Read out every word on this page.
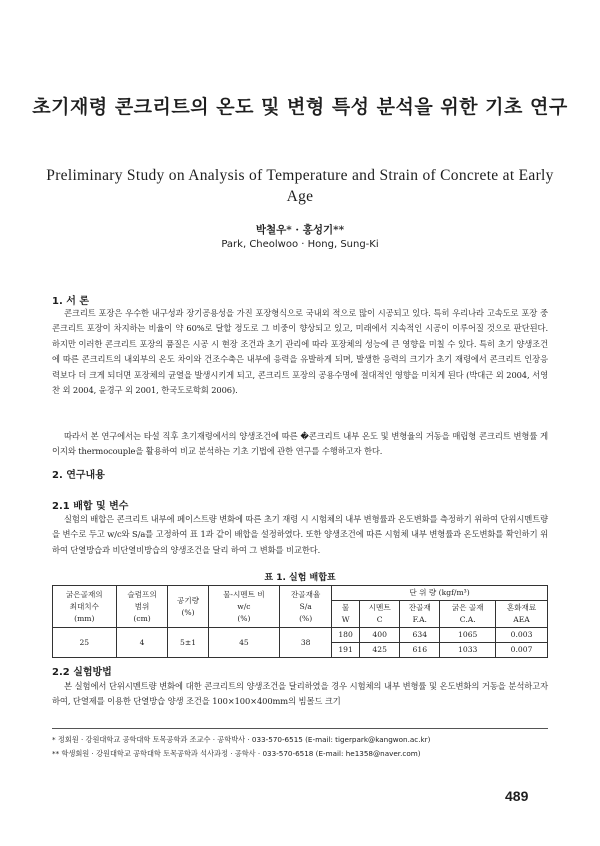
초기재령 콘크리트의 온도 및 변형 특성 분석을 위한 기초 연구
Preliminary Study on Analysis of Temperature and Strain of Concrete at Early Age
박철우* · 홍성기**
Park, Cheolwoo · Hong, Sung-Ki
1. 서 론
콘크리트 포장은 우수한 내구성과 장기공용성을 가진 포장형식으로 국내외 적으로 많이 시공되고 있다. 특히 우리나라 고속도로 포장 중 콘크리트 포장이 차지하는 비율이 약 60%로 달할 정도로 그 비중이 향상되고 있고, 미래에서 지속적인 시공이 이루어질 것으로 판단된다. 하지만 이러한 콘크리트 포장의 품질은 시공 시 현장 조건과 초기 관리에 따라 포장체의 성능에 큰 영향을 미칠 수 있다. 특히 초기 양생조건에 따른 콘크리트의 내외부의 온도 차이와 건조수축은 내부에 응력을 유발하게 되며, 발생한 응력의 크기가 초기 재령에서 콘크리트 인장응력보다 더 크게 되더면 포장체의 균열을 발생시키게 되고, 콘크리트 포장의 공용수명에 절대적인 영향을 미치게 된다 (박대근 외 2004, 서영찬 외 2004, 윤경구 외 2001, 한국도로학회 2006).
따라서 본 연구에서는 타설 직후 초기재령에서의 양생조건에 따른 �콘크리트 내부 온도 및 변형율의 거동을 매립형 콘크리트 변형률 게이지와 thermocouple을 활용하여 비교 분석하는 기초 기법에 관한 연구를 수행하고자 한다.
2. 연구내용
2.1 배합 및 변수
실험의 배합은 콘크리트 내부에 페이스트량 변화에 따른 초기 재령 시 시험체의 내부 변형률과 온도변화를 측정하기 위하여 단위시멘트량을 변수로 두고 w/c와 S/a를 고정하여 표 1과 같이 배합을 설정하였다. 또한 양생조건에 따른 시험체 내부 변형률과 온도변화를 확인하기 위하여 단열방습과 비단열비방습의 양생조건을 달리 하여 그 변화를 비교한다.
표 1. 실험 배합표
굵은골재의
최대치수
(mm)	슬럼프의
범위
(cm)	공기량
(%)	물-시멘트 비
w/c
(%)	잔골재율
S/a
(%)	단 위 량 (kgf/m³)				
					물
W	시멘트
C	잔골재
F.A.	굵은 골재
C.A.	혼화재료
AEA
25	4	5±1	45	38	180	400	634	1065	0.003
					191	425	616	1033	0.007
2.2 실험방법
본 실험에서 단위시멘트량 변화에 대한 콘크리트의 양생조건을 달리하였을 경우 시험체의 내부 변형률 및 온도변화의 거동을 분석하고자 하여, 단열제를 이용한 단열방습 양생 조건을 100×100×400mm의 빔몰드 크기
* 정회원 · 강원대학교 공학대학 토목공학과 조교수 · 공학박사 · 033-570-6515 (E-mail: tigerpark@kangwon.ac.kr)
** 학생회원 · 강원대학교 공학대학 토목공학과 석사과정 · 공학사 · 033-570-6518 (E-mail: he1358@naver.com)
489
